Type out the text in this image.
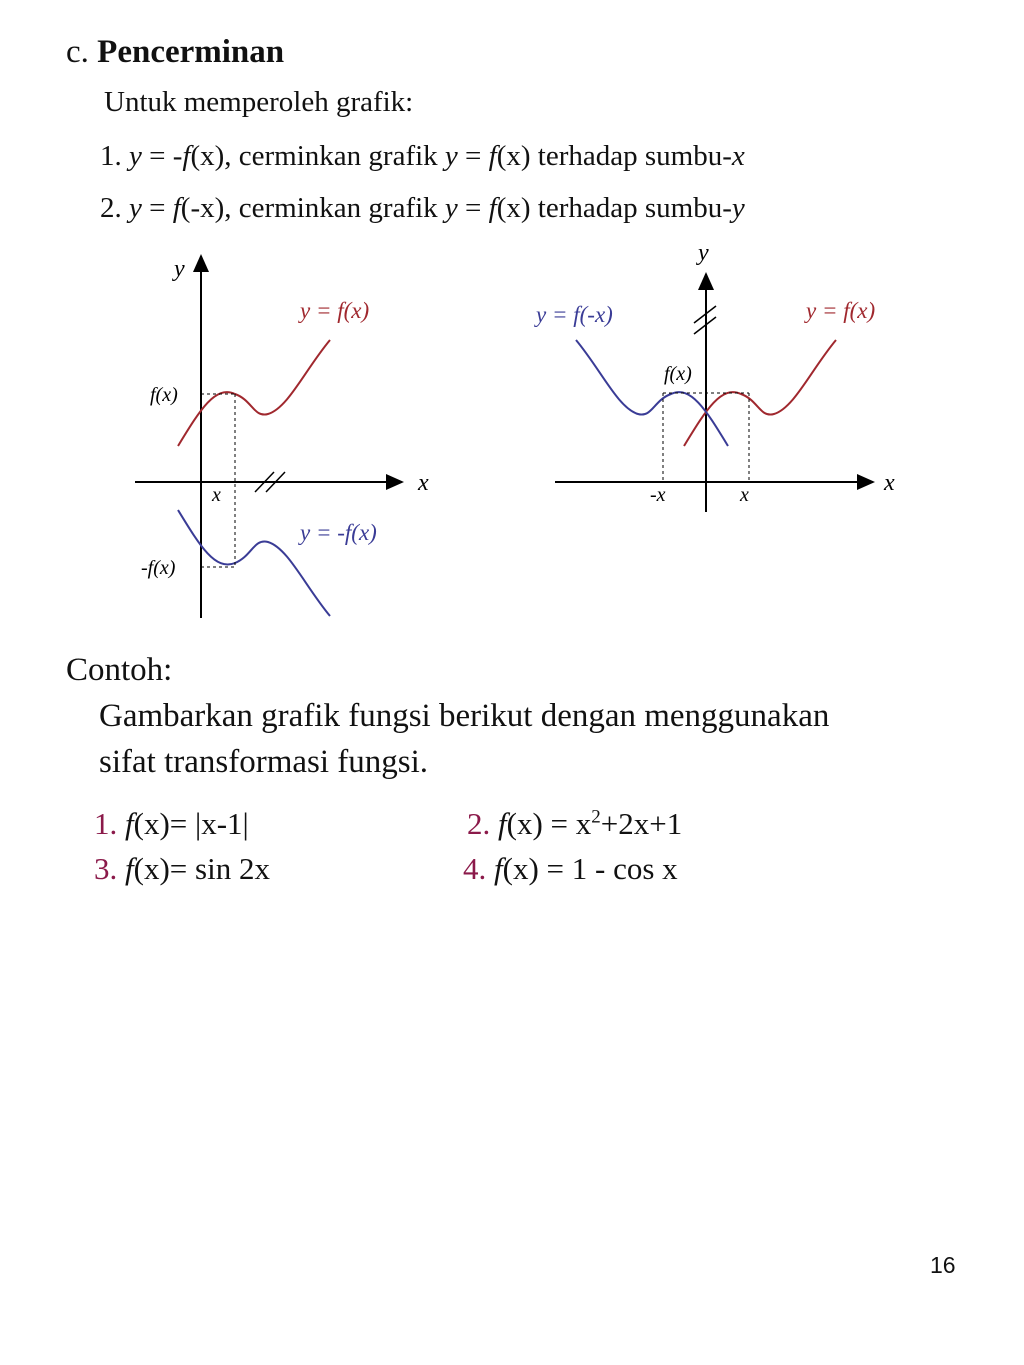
c. Pencerminan
Untuk memperoleh grafik:
1. y = -f(x), cerminkan grafik y = f(x) terhadap sumbu-x
2. y = f(-x), cerminkan grafik y = f(x) terhadap sumbu-y
y
x
y = f(x)
y = -f(x)
f(x)
-f(x)
x
y
x
y = f(x)
y = f(-x)
f(x)
-x	x
Contoh:
Gambarkan grafik fungsi berikut dengan menggunakan
sifat transformasi fungsi.
1. f(x)= |x-1|	2. $f(x) = x^2+2x+1$
3. f(x)= sin 2x	4. f(x) = 1 - cos x
16
